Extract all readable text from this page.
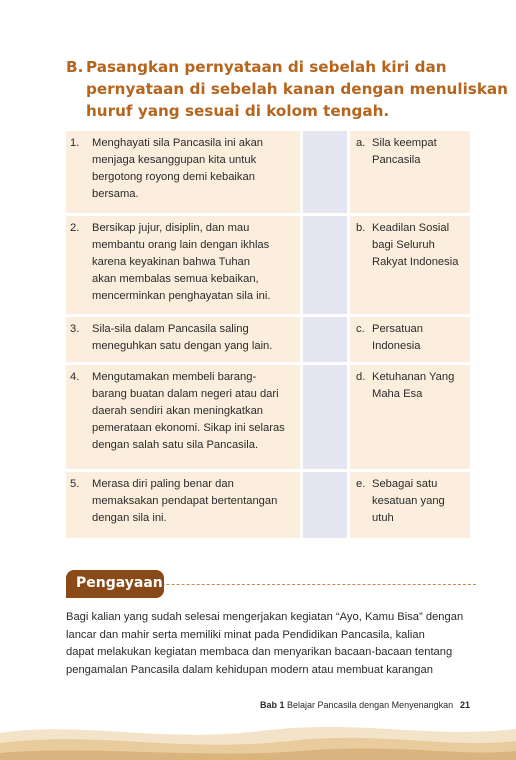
B. Pasangkan pernyataan di sebelah kiri dan
pernyataan di sebelah kanan dengan menuliskan
huruf yang sesuai di kolom tengah.
1. Menghayati sila Pancasila ini akan
menjaga kesanggupan kita untuk
bergotong royong demi kebaikan
bersama.
a. Sila keempat
Pancasila
2. Bersikap jujur, disiplin, dan mau
membantu orang lain dengan ikhlas
karena keyakinan bahwa Tuhan
akan membalas semua kebaikan,
mencerminkan penghayatan sila ini.
b. Keadilan Sosial
bagi Seluruh
Rakyat Indonesia
3. Sila-sila dalam Pancasila saling
meneguhkan satu dengan yang lain.
c. Persatuan
Indonesia
4. Mengutamakan membeli barang-
barang buatan dalam negeri atau dari
daerah sendiri akan meningkatkan
pemerataan ekonomi. Sikap ini selaras
dengan salah satu sila Pancasila.
d. Ketuhanan Yang
Maha Esa
5. Merasa diri paling benar dan
memaksakan pendapat bertentangan
dengan sila ini.
e. Sebagai satu
kesatuan yang
utuh
Pengayaan
Bagi kalian yang sudah selesai mengerjakan kegiatan “Ayo, Kamu Bisa” dengan
lancar dan mahir serta memiliki minat pada Pendidikan Pancasila, kalian
dapat melakukan kegiatan membaca dan menyarikan bacaan-bacaan tentang
pengamalan Pancasila dalam kehidupan modern atau membuat karangan
Bab 1 Belajar Pancasila dengan Menyenangkan 21
